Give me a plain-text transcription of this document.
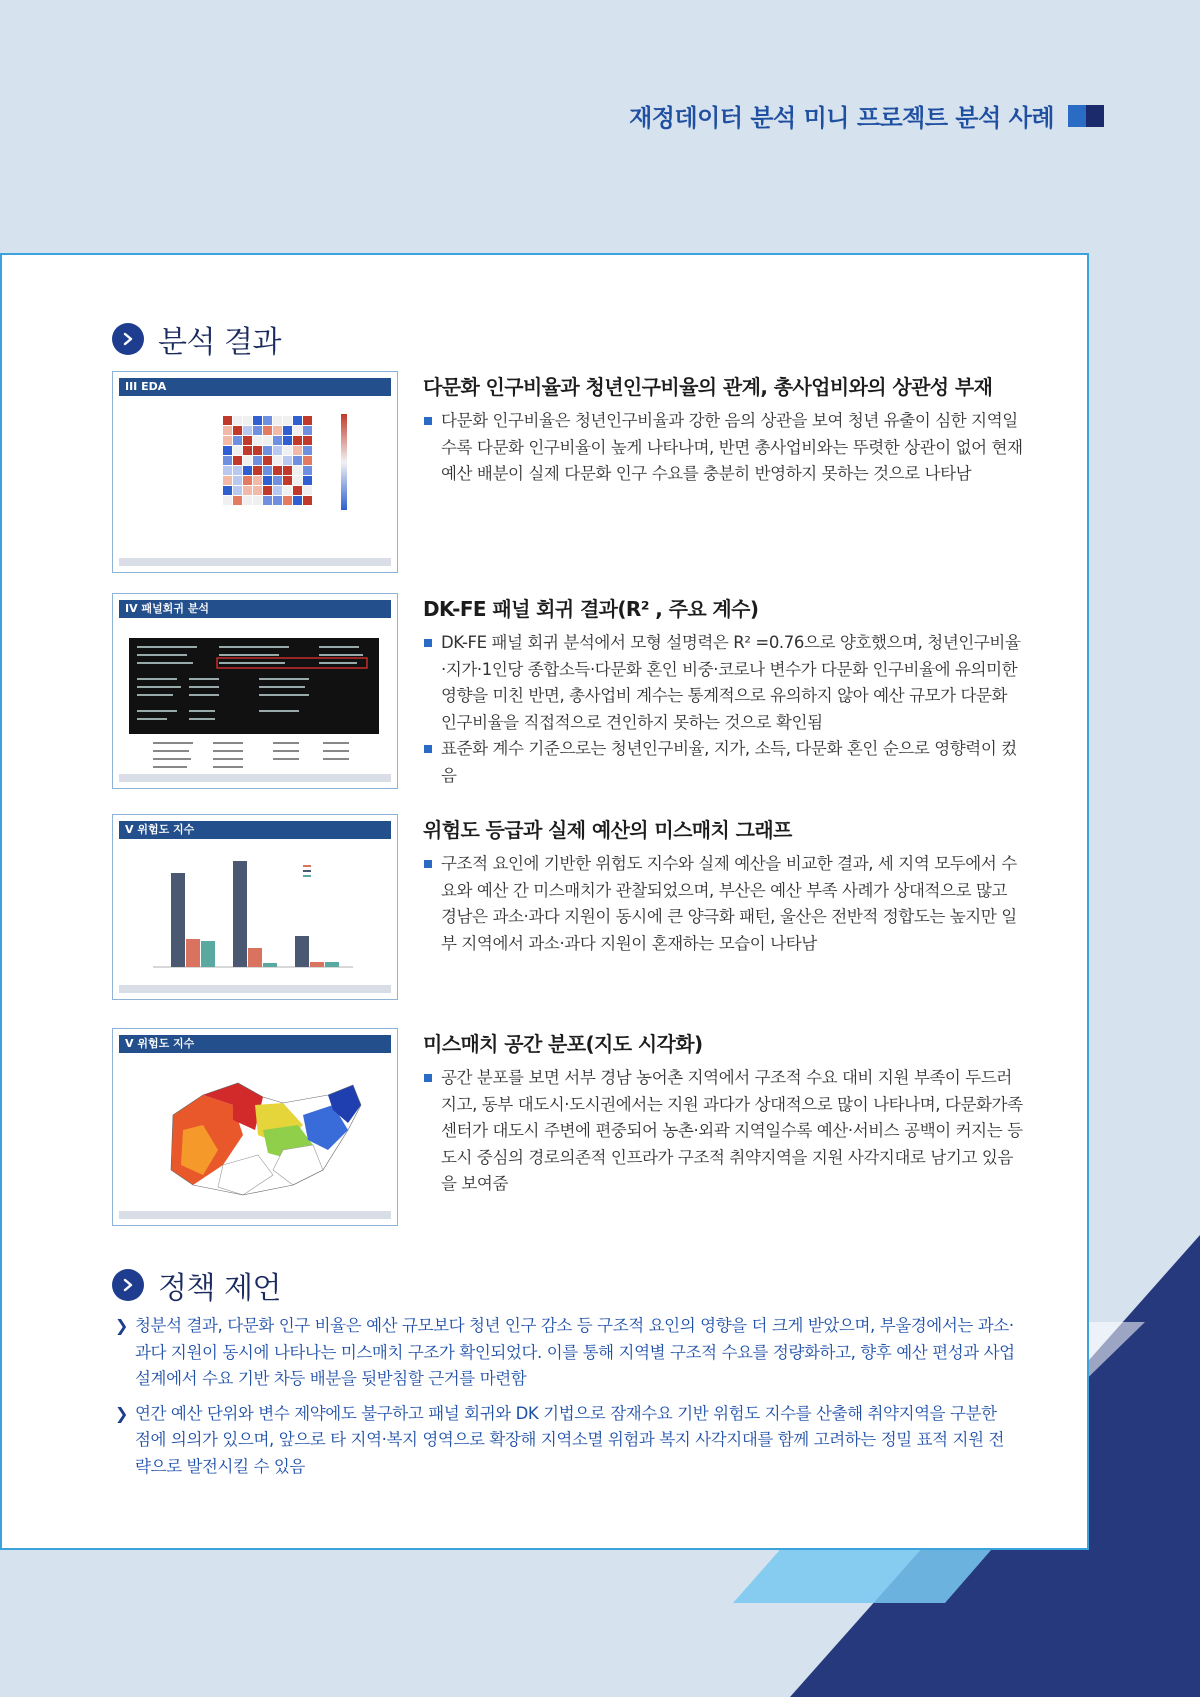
재정데이터 분석 미니 프로젝트 분석 사례
분석 결과
III EDA	다문화 인구비율과 청년인구비율의 관계, 총사업비와의 상관성 부재
다문화 인구비율은 청년인구비율과 강한 음의 상관을 보여 청년 유출이 심한 지역일수록 다문화 인구비율이 높게 나타나며, 반면 총사업비와는 뚜렷한 상관이 없어 현재 예산 배분이 실제 다문화 인구 수요를 충분히 반영하지 못하는 것으로 나타남
IV 패널회귀 분석	DK-FE 패널 회귀 결과(R² , 주요 계수)
DK-FE 패널 회귀 분석에서 모형 설명력은 R² =0.76으로 양호했으며, 청년인구비율·지가·1인당 종합소득·다문화 혼인 비중·코로나 변수가 다문화 인구비율에 유의미한 영향을 미친 반면, 총사업비 계수는 통계적으로 유의하지 않아 예산 규모가 다문화 인구비율을 직접적으로 견인하지 못하는 것으로 확인됨
표준화 계수 기준으로는 청년인구비율, 지가, 소득, 다문화 혼인 순으로 영향력이 컸음
V 위험도 지수	위험도 등급과 실제 예산의 미스매치 그래프
구조적 요인에 기반한 위험도 지수와 실제 예산을 비교한 결과, 세 지역 모두에서 수요와 예산 간 미스매치가 관찰되었으며, 부산은 예산 부족 사례가 상대적으로 많고 경남은 과소·과다 지원이 동시에 큰 양극화 패턴, 울산은 전반적 정합도는 높지만 일부 지역에서 과소·과다 지원이 혼재하는 모습이 나타남
V 위험도 지수	미스매치 공간 분포(지도 시각화)
공간 분포를 보면 서부 경남 농어촌 지역에서 구조적 수요 대비 지원 부족이 두드러지고, 동부 대도시·도시권에서는 지원 과다가 상대적으로 많이 나타나며, 다문화가족센터가 대도시 주변에 편중되어 농촌·외곽 지역일수록 예산·서비스 공백이 커지는 등 도시 중심의 경로의존적 인프라가 구조적 취약지역을 지원 사각지대로 남기고 있음을 보여줌
정책 제언
❯ 청분석 결과, 다문화 인구 비율은 예산 규모보다 청년 인구 감소 등 구조적 요인의 영향을 더 크게 받았으며, 부울경에서는 과소·과다 지원이 동시에 나타나는 미스매치 구조가 확인되었다. 이를 통해 지역별 구조적 수요를 정량화하고, 향후 예산 편성과 사업 설계에서 수요 기반 차등 배분을 뒷받침할 근거를 마련함
❯ 연간 예산 단위와 변수 제약에도 불구하고 패널 회귀와 DK 기법으로 잠재수요 기반 위험도 지수를 산출해 취약지역을 구분한 점에 의의가 있으며, 앞으로 타 지역·복지 영역으로 확장해 지역소멸 위험과 복지 사각지대를 함께 고려하는 정밀 표적 지원 전략으로 발전시킬 수 있음
